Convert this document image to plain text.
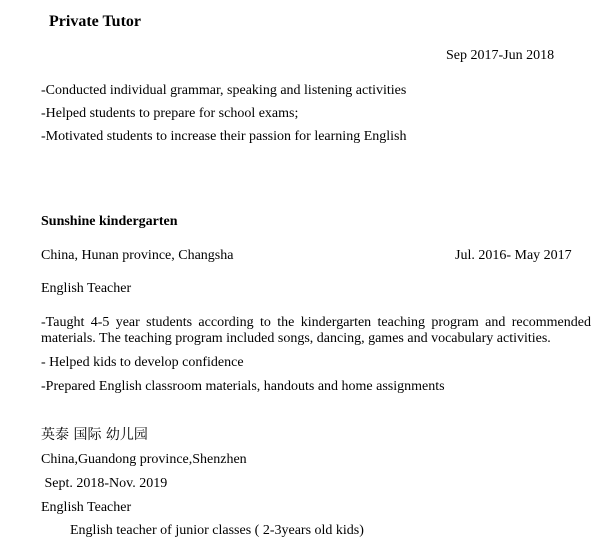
Private Tutor
Sep 2017-Jun 2018
-Conducted individual grammar, speaking and listening activities
-Helped students to prepare for school exams;
-Motivated students to increase their passion for learning English
Sunshine kindergarten
China, Hunan province, Changsha	Jul. 2016- May 2017
English Teacher
-Taught 4-5 year students according to the kindergarten teaching program and recommended materials. The teaching program included songs, dancing, games and vocabulary activities.
- Helped kids to develop confidence
-Prepared English classroom materials, handouts and home assignments
英泰 国际 幼儿园
China,Guandong province,Shenzhen
Sept. 2018-Nov. 2019
English Teacher
English teacher of junior classes ( 2-3years old kids)
